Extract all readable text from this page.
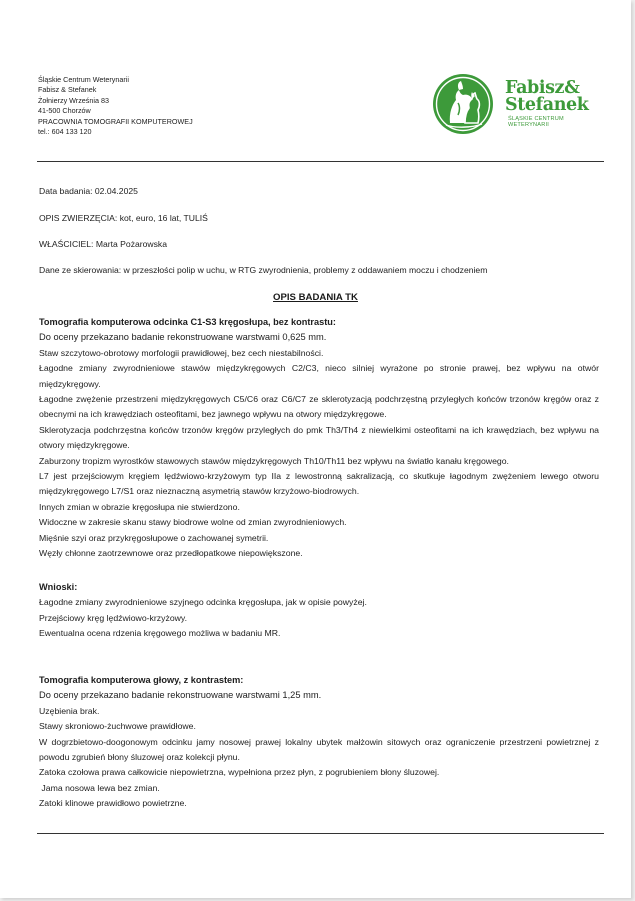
Śląskie Centrum Weterynarii
Fabisz & Stefanek
Żołnierzy Września 83
41-500 Chorzów
PRACOWNIA TOMOGRAFII KOMPUTEROWEJ
tel.: 604 133 120
Fabisz&
Stefanek
ŚLĄSKIE CENTRUM
WETERYNARII
Data badania: 02.04.2025
OPIS ZWIERZĘCIA: kot, euro, 16 lat, TULIŚ
WŁAŚCICIEL: Marta Pożarowska
Dane ze skierowania: w przeszłości polip w uchu, w RTG zwyrodnienia, problemy z oddawaniem moczu i chodzeniem
OPIS BADANIA TK

Tomografia komputerowa odcinka C1-S3 kręgosłupa, bez kontrastu:

Do oceny przekazano badanie rekonstruowane warstwami 0,625 mm.

Staw szczytowo-obrotowy morfologii prawidłowej, bez cech niestabilności.

Łagodne zmiany zwyrodnieniowe stawów międzykręgowych C2/C3, nieco silniej wyrażone po stronie prawej, bez wpływu na otwór międzykręgowy.

Łagodne zwężenie przestrzeni międzykręgowych C5/C6 oraz C6/C7 ze sklerotyzacją podchrzęstną przyległych końców trzonów kręgów oraz z obecnymi na ich krawędziach osteofitami, bez jawnego wpływu na otwory międzykręgowe.

Sklerotyzacja podchrzęstna końców trzonów kręgów przyległych do pmk Th3/Th4 z niewielkimi osteofitami na ich krawędziach, bez wpływu na otwory międzykręgowe.

Zaburzony tropizm wyrostków stawowych stawów międzykręgowych Th10/Th11 bez wpływu na światło kanału kręgowego.

L7 jest przejściowym kręgiem lędźwiowo-krzyżowym typ IIa z lewostronną sakralizacją, co skutkuje łagodnym zwężeniem lewego otworu międzykręgowego L7/S1 oraz nieznaczną asymetrią stawów krzyżowo-biodrowych.

Innych zmian w obrazie kręgosłupa nie stwierdzono.

Widoczne w zakresie skanu stawy biodrowe wolne od zmian zwyrodnieniowych.

Mięśnie szyi oraz przykręgosłupowe o zachowanej symetrii.

Węzły chłonne zaotrzewnowe oraz przedłopatkowe niepowiększone.

Wnioski:

Łagodne zmiany zwyrodnieniowe szyjnego odcinka kręgosłupa, jak w opisie powyżej.

Przejściowy kręg lędźwiowo-krzyżowy.

Ewentualna ocena rdzenia kręgowego możliwa w badaniu MR.

Tomografia komputerowa głowy, z kontrastem:

Do oceny przekazano badanie rekonstruowane warstwami 1,25 mm.

Uzębienia brak.

Stawy skroniowo-żuchwowe prawidłowe.

W dogrzbietowo-doogonowym odcinku jamy nosowej prawej lokalny ubytek małżowin sitowych oraz ograniczenie przestrzeni powietrznej z powodu zgrubień błony śluzowej oraz kolekcji płynu.

Zatoka czołowa prawa całkowicie niepowietrzna, wypełniona przez płyn, z pogrubieniem błony śluzowej.

Jama nosowa lewa bez zmian.

Zatoki klinowe prawidłowo powietrzne.
